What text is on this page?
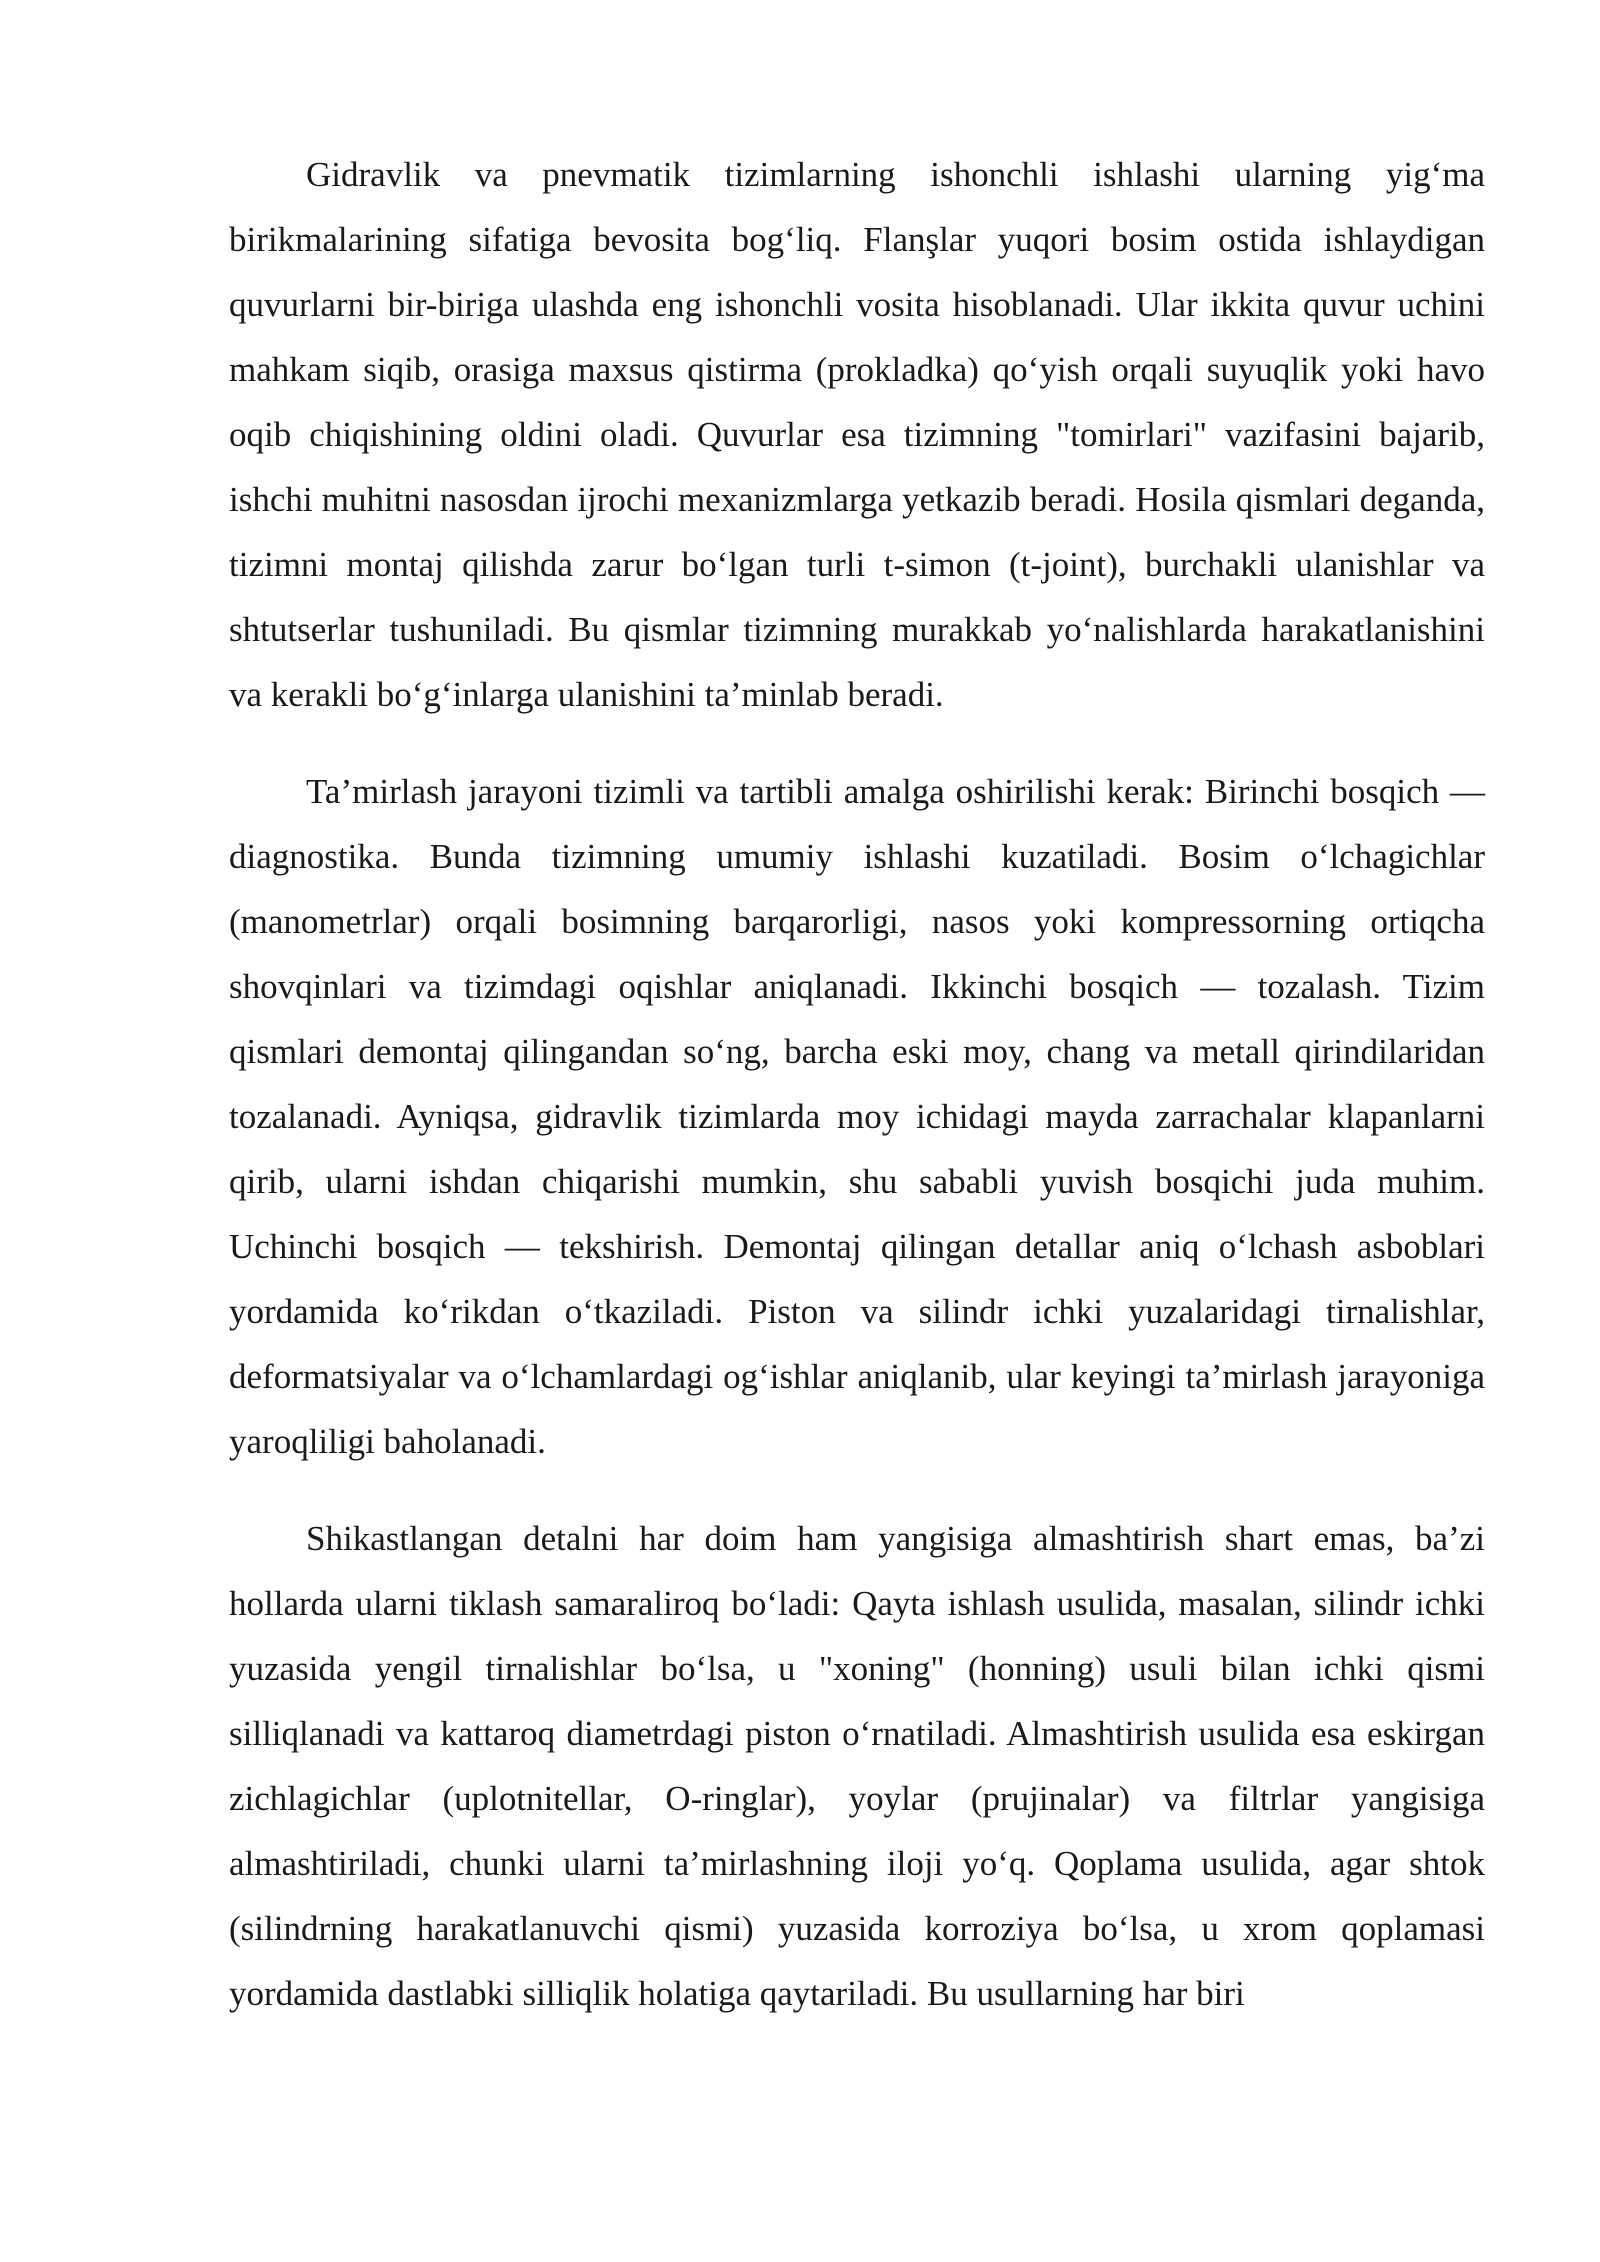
Gidravlik va pnevmatik tizimlarning ishonchli ishlashi ularning yig‘ma birikmalarining sifatiga bevosita bog‘liq. Flanşlar yuqori bosim ostida ishlaydigan quvurlarni bir-biriga ulashda eng ishonchli vosita hisoblanadi. Ular ikkita quvur uchini mahkam siqib, orasiga maxsus qistirma (prokladka) qo‘yish orqali suyuqlik yoki havo oqib chiqishining oldini oladi. Quvurlar esa tizimning "tomirlari" vazifasini bajarib, ishchi muhitni nasosdan ijrochi mexanizmlarga yetkazib beradi. Hosila qismlari deganda, tizimni montaj qilishda zarur bo‘lgan turli t-simon (t-joint), burchakli ulanishlar va shtutserlar tushuniladi. Bu qismlar tizimning murakkab yo‘nalishlarda harakatlanishini va kerakli bo‘g‘inlarga ulanishini ta’minlab beradi.

Ta’mirlash jarayoni tizimli va tartibli amalga oshirilishi kerak: Birinchi bosqich — diagnostika. Bunda tizimning umumiy ishlashi kuzatiladi. Bosim o‘lchagichlar (manometrlar) orqali bosimning barqarorligi, nasos yoki kompressorning ortiqcha shovqinlari va tizimdagi oqishlar aniqlanadi. Ikkinchi bosqich — tozalash. Tizim qismlari demontaj qilingandan so‘ng, barcha eski moy, chang va metall qirindilaridan tozalanadi. Ayniqsa, gidravlik tizimlarda moy ichidagi mayda zarrachalar klapanlarni qirib, ularni ishdan chiqarishi mumkin, shu sababli yuvish bosqichi juda muhim. Uchinchi bosqich — tekshirish. Demontaj qilingan detallar aniq o‘lchash asboblari yordamida ko‘rikdan o‘tkaziladi. Piston va silindr ichki yuzalaridagi tirnalishlar, deformatsiyalar va o‘lchamlardagi og‘ishlar aniqlanib, ular keyingi ta’mirlash jarayoniga yaroqliligi baholanadi.

Shikastlangan detalni har doim ham yangisiga almashtirish shart emas, ba’zi hollarda ularni tiklash samaraliroq bo‘ladi: Qayta ishlash usulida, masalan, silindr ichki yuzasida yengil tirnalishlar bo‘lsa, u "xoning" (honning) usuli bilan ichki qismi silliqlanadi va kattaroq diametrdagi piston o‘rnatiladi. Almashtirish usulida esa eskirgan zichlagichlar (uplotnitellar, O-ringlar), yoylar (prujinalar) va filtrlar yangisiga almashtiriladi, chunki ularni ta’mirlashning iloji yo‘q. Qoplama usulida, agar shtok (silindrning harakatlanuvchi qismi) yuzasida korroziya bo‘lsa, u xrom qoplamasi yordamida dastlabki silliqlik holatiga qaytariladi. Bu usullarning har biri
